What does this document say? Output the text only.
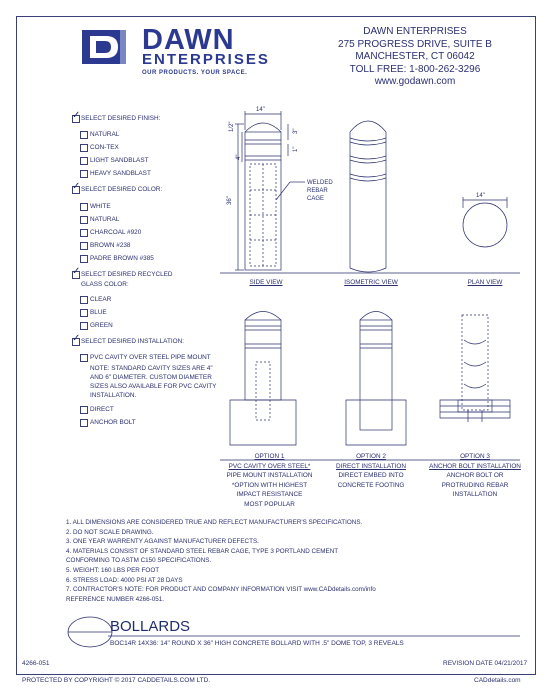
DAWN
ENTERPRISES
OUR PRODUCTS. YOUR SPACE.
DAWN ENTERPRISES
275 PROGRESS DRIVE, SUITE B
MANCHESTER, CT 06042
TOLL FREE: 1-800-262-3296
www.godawn.com
✓
SELECT DESIRED FINISH:
NATURAL
CON-TEX
LIGHT SANDBLAST
HEAVY SANDBLAST
✓
SELECT DESIRED COLOR:
WHITE
NATURAL
CHARCOAL #920
BROWN #238
PADRE BROWN #385
✓
SELECT DESIRED RECYCLED
GLASS COLOR:
CLEAR
BLUE
GREEN
✓
SELECT DESIRED INSTALLATION:
PVC CAVITY OVER STEEL PIPE MOUNT
NOTE: STANDARD CAVITY SIZES ARE 4"
AND 6" DIAMETER. CUSTOM DIAMETER
SIZES ALSO AVAILABLE FOR PVC CAVITY
INSTALLATION.
DIRECT
ANCHOR BOLT
14"
14"
36"
1/2"
4"
3"
1"
WELDED
REBAR
CAGE
SIDE VIEW	ISOMETRIC VIEW	PLAN VIEW
OPTION 1
PVC CAVITY OVER STEEL*
PIPE MOUNT INSTALLATION
*OPTION WITH HIGHEST
IMPACT RESISTANCE
MOST POPULAR
OPTION 2
DIRECT INSTALLATION
DIRECT EMBED INTO
CONCRETE FOOTING
OPTION 3
ANCHOR BOLT INSTALLATION
ANCHOR BOLT OR
PROTRUDING REBAR
INSTALLATION
1. ALL DIMENSIONS ARE CONSIDERED TRUE AND REFLECT MANUFACTURER'S SPECIFICATIONS.
2. DO NOT SCALE DRAWING.
3. ONE YEAR WARRENTY AGAINST MANUFACTURER DEFECTS.
4. MATERIALS CONSIST OF STANDARD STEEL REBAR CAGE, TYPE 3 PORTLAND CEMENT
CONFORMING TO ASTM C150 SPECIFICATIONS.
5. WEIGHT: 160 LBS PER FOOT
6. STRESS LOAD: 4000 PSI AT 28 DAYS
7. CONTRACTOR'S NOTE: FOR PRODUCT AND COMPANY INFORMATION VISIT www.CADdetails.com/info
REFERENCE NUMBER 4266-051.
BOLLARDS
BOC14R 14X36: 14" ROUND X 36" HIGH CONCRETE BOLLARD WITH .5" DOME TOP, 3 REVEALS
4266-051	REVISION DATE 04/21/2017
PROTECTED BY COPYRIGHT © 2017 CADDETAILS.COM LTD.	CADdetails.com
